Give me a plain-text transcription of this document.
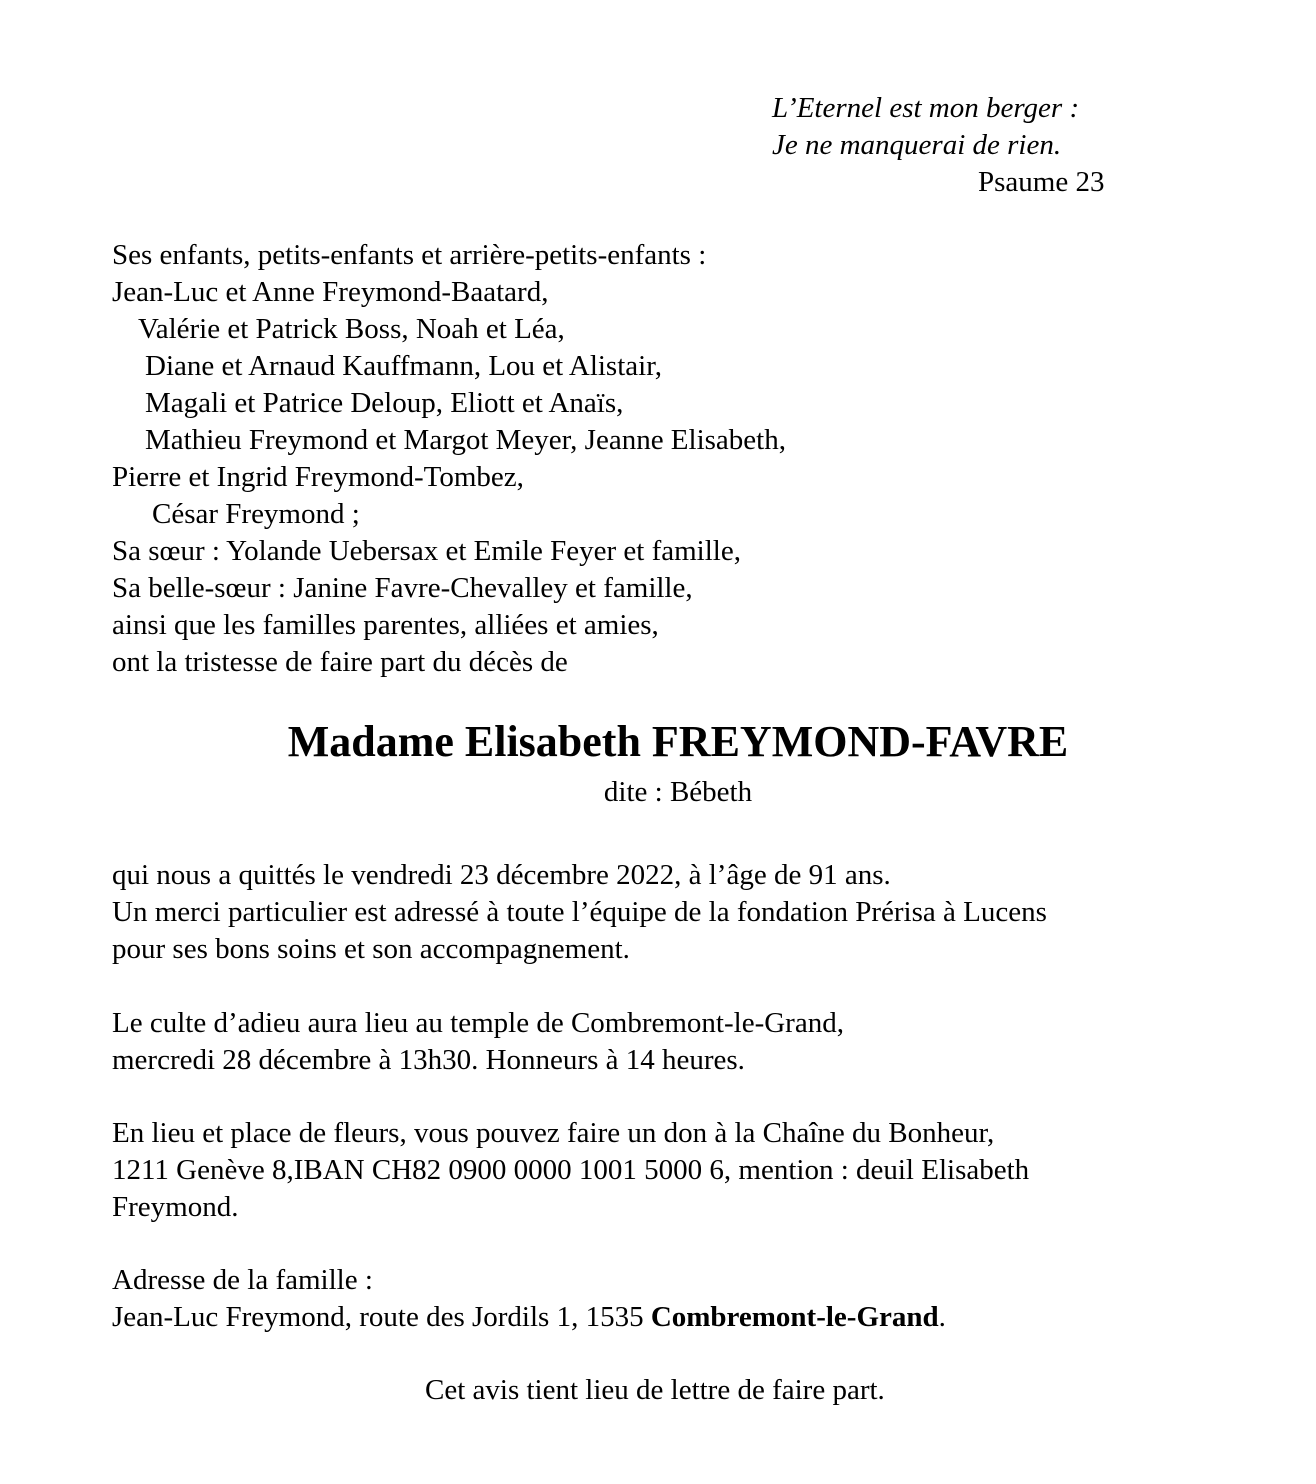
L’Eternel est mon berger :
Je ne manquerai de rien.
Psaume 23
Ses enfants, petits-enfants et arrière-petits-enfants :
Jean-Luc et Anne Freymond-Baatard,
Valérie et Patrick Boss, Noah et Léa,
Diane et Arnaud Kauffmann, Lou et Alistair,
Magali et Patrice Deloup, Eliott et Anaïs,
Mathieu Freymond et Margot Meyer, Jeanne Elisabeth,
Pierre et Ingrid Freymond-Tombez,
César Freymond ;
Sa sœur : Yolande Uebersax et Emile Feyer et famille,
Sa belle-sœur : Janine Favre-Chevalley et famille,
ainsi que les familles parentes, alliées et amies,
ont la tristesse de faire part du décès de
Madame Elisabeth FREYMOND-FAVRE
dite : Bébeth
qui nous a quittés le vendredi 23 décembre 2022, à l’âge de 91 ans.
Un merci particulier est adressé à toute l’équipe de la fondation Prérisa à Lucens
pour ses bons soins et son accompagnement.
Le culte d’adieu aura lieu au temple de Combremont-le-Grand,
mercredi 28 décembre à 13h30. Honneurs à 14 heures.
En lieu et place de fleurs, vous pouvez faire un don à la Chaîne du Bonheur,
1211 Genève 8,IBAN CH82 0900 0000 1001 5000 6, mention : deuil Elisabeth
Freymond.
Adresse de la famille :
Jean-Luc Freymond, route des Jordils 1, 1535 Combremont-le-Grand.
Cet avis tient lieu de lettre de faire part.
